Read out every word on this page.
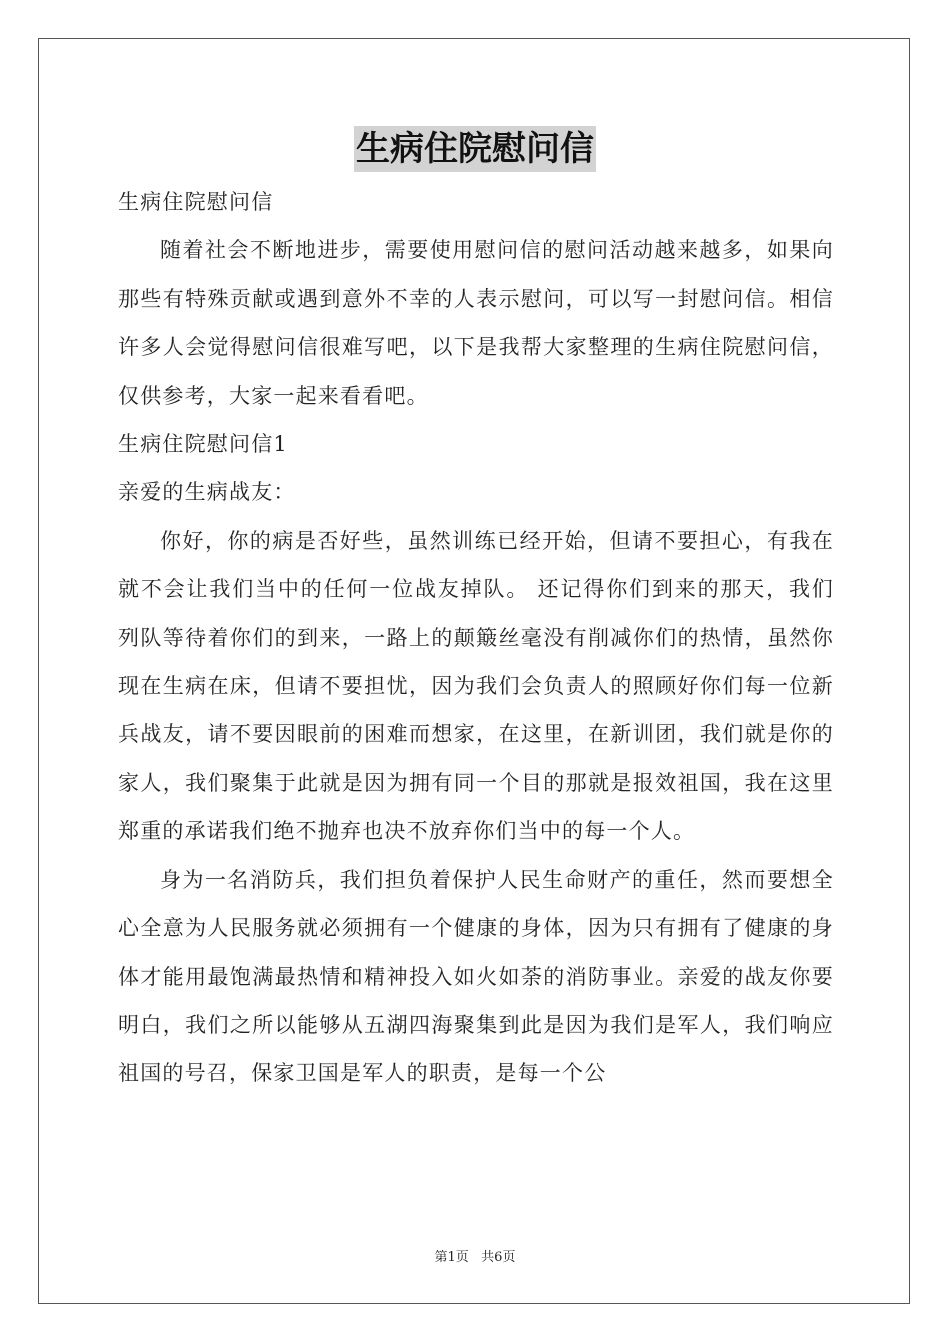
生病住院慰问信

生病住院慰问信

随着社会不断地进步，需要使用慰问信的慰问活动越来越多，如果向那些有特殊贡献或遇到意外不幸的人表示慰问，可以写一封慰问信。相信许多人会觉得慰问信很难写吧，以下是我帮大家整理的生病住院慰问信，仅供参考，大家一起来看看吧。

生病住院慰问信1

亲爱的生病战友：

你好，你的病是否好些，虽然训练已经开始，但请不要担心，有我在就不会让我们当中的任何一位战友掉队。 还记得你们到来的那天，我们列队等待着你们的到来，一路上的颠簸丝毫没有削减你们的热情，虽然你现在生病在床，但请不要担忧，因为我们会负责人的照顾好你们每一位新兵战友，请不要因眼前的困难而想家，在这里，在新训团，我们就是你的家人，我们聚集于此就是因为拥有同一个目的那就是报效祖国，我在这里郑重的承诺我们绝不抛弃也决不放弃你们当中的每一个人。

身为一名消防兵，我们担负着保护人民生命财产的重任，然而要想全心全意为人民服务就必须拥有一个健康的身体，因为只有拥有了健康的身体才能用最饱满最热情和精神投入如火如荼的消防事业。亲爱的战友你要明白，我们之所以能够从五湖四海聚集到此是因为我们是军人，我们响应祖国的号召，保家卫国是军人的职责，是每一个公

第1页   共6页
